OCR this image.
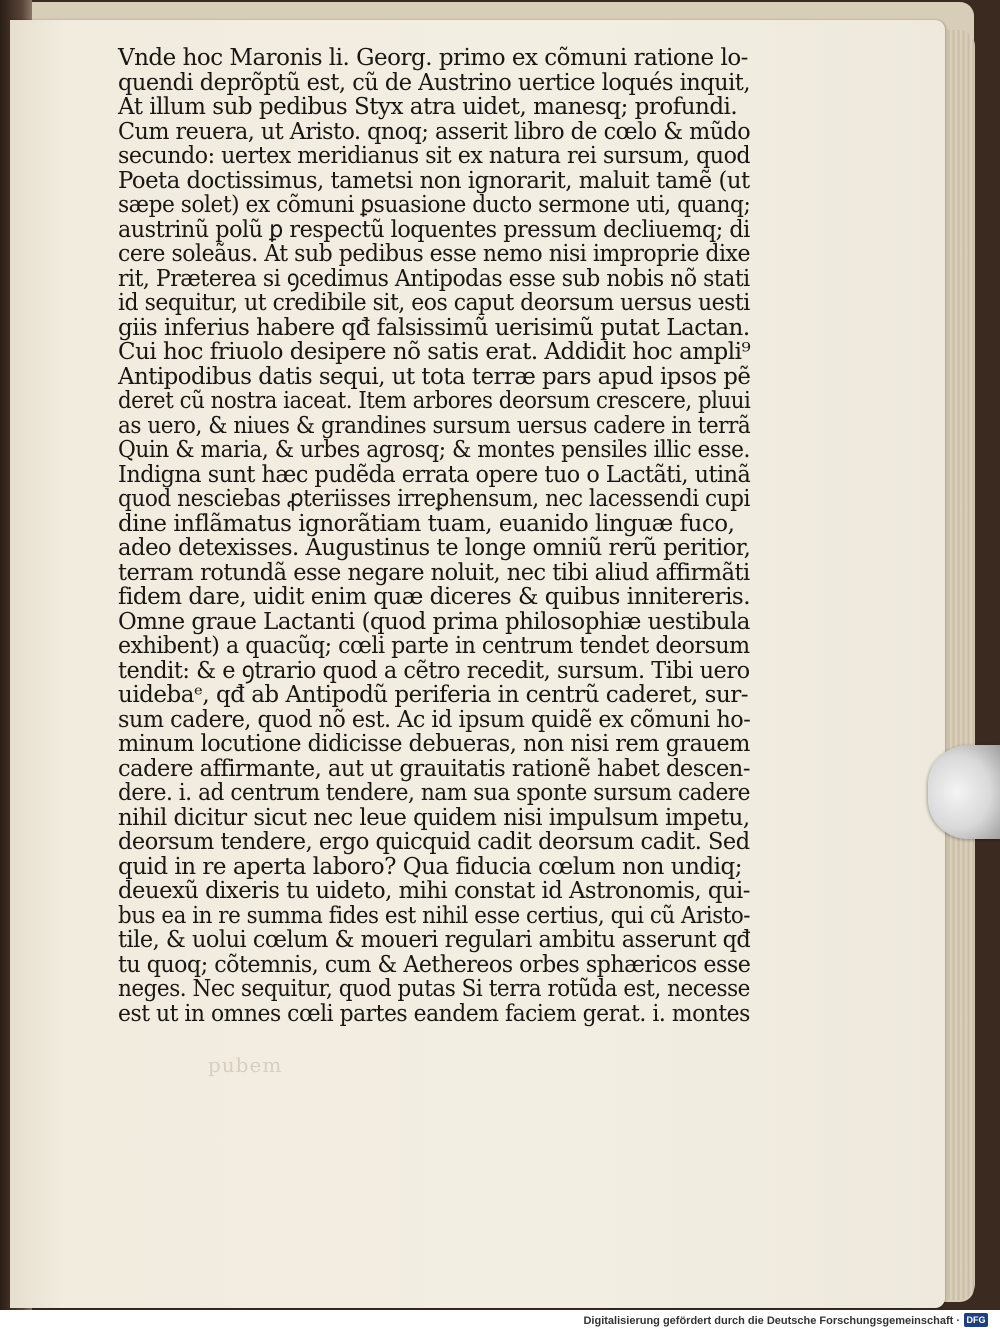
pubem
Vnde hoc Maronis li. Georg. primo ex cõmuni ratione lo-
quendi deprõptũ est, cũ de Austrino uertice loqués inquit,
At illum sub pedibus Styx atra uidet, manesq; profundi.
Cum reuera, ut Aristo. qnoq; asserit libro de cœlo & mũdo
secundo: uertex meridianus sit ex natura rei sursum, quod
Poeta doctissimus, tametsi non ignorarit, maluit tamẽ (ut
sæpe solet) ex cõmuni ꝑsuasione ducto sermone uti, quanq;
austrinũ polũ ꝑ respectũ loquentes pressum decliuemq; di
cere soleãus. At sub pedibus esse nemo nisi improprie dixe
rit, Præterea si ꝯcedimus Antipodas esse sub nobis nõ stati
id sequitur, ut credibile sit, eos caput deorsum uersus uesti
giis inferius habere qđ falsissimũ uerisimũ putat Lactan.
Cui hoc friuolo desipere nõ satis erat. Addidit hoc ampli⁹
Antipodibus datis sequi, ut tota terræ pars apud ipsos pẽ
deret cũ nostra iaceat. Item arbores deorsum crescere, pluui
as uero, & niues & grandines sursum uersus cadere in terrã
Quin & maria, & urbes agrosq; & montes pensiles illic esse.
Indigna sunt hæc pudẽda errata opere tuo o Lactãti, utinã
quod nesciebas ꝓteriisses irreꝑhensum, nec lacessendi cupi
dine inflãmatus ignorãtiam tuam, euanido linguæ fuco,
adeo detexisses. Augustinus te longe omniũ rerũ peritior,
terram rotundã esse negare noluit, nec tibi aliud affirmãti
fidem dare, uidit enim quæ diceres & quibus innitereris.
Omne graue Lactanti (quod prima philosophiæ uestibula
exhibent) a quacũq; cœli parte in centrum tendet deorsum
tendit: & e ꝯtrario quod a cẽtro recedit, sursum. Tibi uero
uidebaᵉ, qđ ab Antipodũ periferia in centrũ caderet, sur-
sum cadere, quod nõ est. Ac id ipsum quidẽ ex cõmuni ho-
minum locutione didicisse debueras, non nisi rem grauem
cadere affirmante, aut ut grauitatis rationẽ habet descen-
dere. i. ad centrum tendere, nam sua sponte sursum cadere
nihil dicitur sicut nec leue quidem nisi impulsum impetu,
deorsum tendere, ergo quicquid cadit deorsum cadit. Sed
quid in re aperta laboro? Qua fiducia cœlum non undiq;
deuexũ dixeris tu uideto, mihi constat id Astronomis, qui-
bus ea in re summa fides est nihil esse certius, qui cũ Aristo-
tile, & uolui cœlum & moueri regulari ambitu asserunt qđ
tu quoq; cõtemnis, cum & Aethereos orbes sphæricos esse
neges. Nec sequitur, quod putas Si terra rotũda est, necesse
est ut in omnes cœli partes eandem faciem gerat. i. montes
Digitalisierung gefördert durch die Deutsche Forschungsgemeinschaft · DFG
